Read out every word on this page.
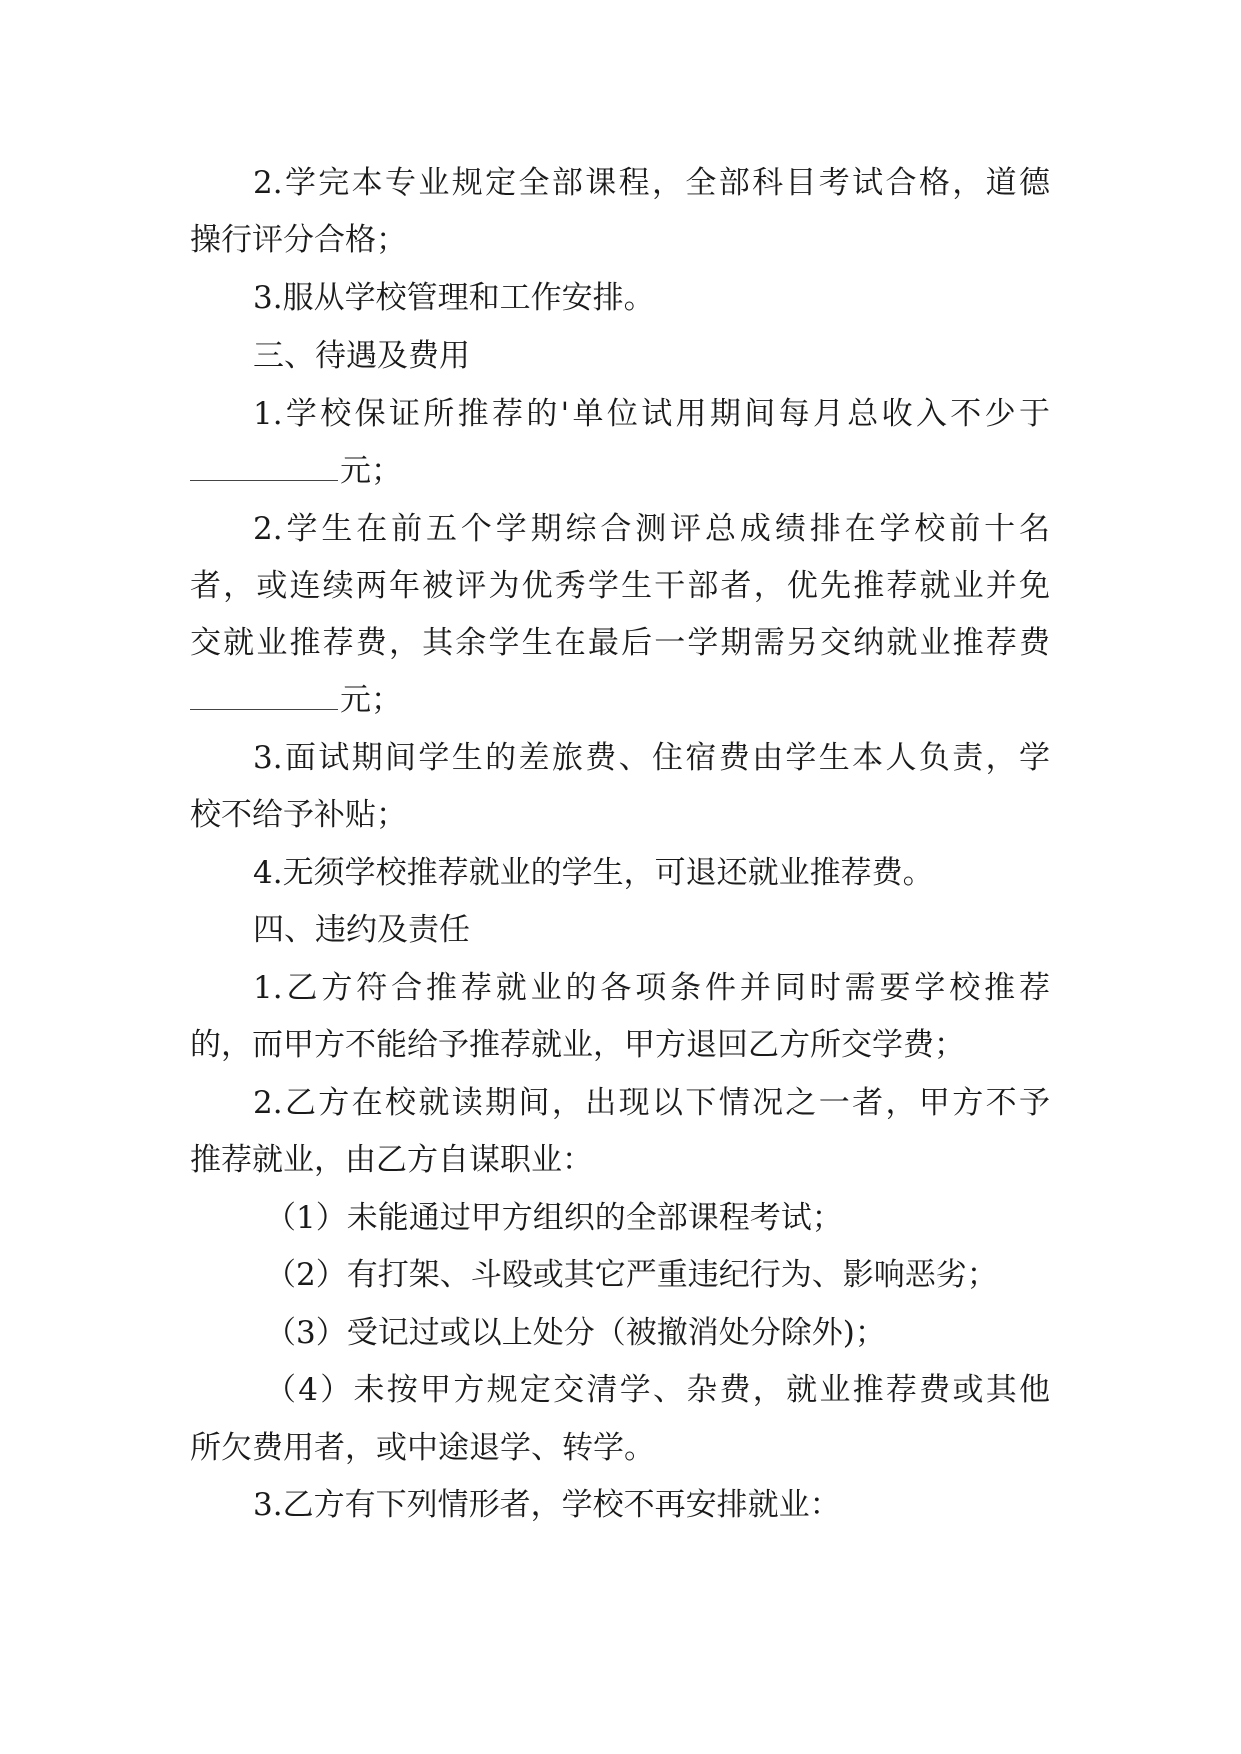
2.学完本专业规定全部课程，全部科目考试合格，道德
操行评分合格；
3.服从学校管理和工作安排。
三、待遇及费用
1.学校保证所推荐的'单位试用期间每月总收入不少于
元；
2.学生在前五个学期综合测评总成绩排在学校前十名
者，或连续两年被评为优秀学生干部者，优先推荐就业并免
交就业推荐费，其余学生在最后一学期需另交纳就业推荐费
元；
3.面试期间学生的差旅费、住宿费由学生本人负责，学
校不给予补贴；
4.无须学校推荐就业的学生，可退还就业推荐费。
四、违约及责任
1.乙方符合推荐就业的各项条件并同时需要学校推荐
的，而甲方不能给予推荐就业，甲方退回乙方所交学费；
2.乙方在校就读期间，出现以下情况之一者，甲方不予
推荐就业，由乙方自谋职业：
（1）未能通过甲方组织的全部课程考试；
（2）有打架、斗殴或其它严重违纪行为、影响恶劣；
（3）受记过或以上处分（被撤消处分除外)；
（4）未按甲方规定交清学、杂费，就业推荐费或其他
所欠费用者，或中途退学、转学。
3.乙方有下列情形者，学校不再安排就业：
